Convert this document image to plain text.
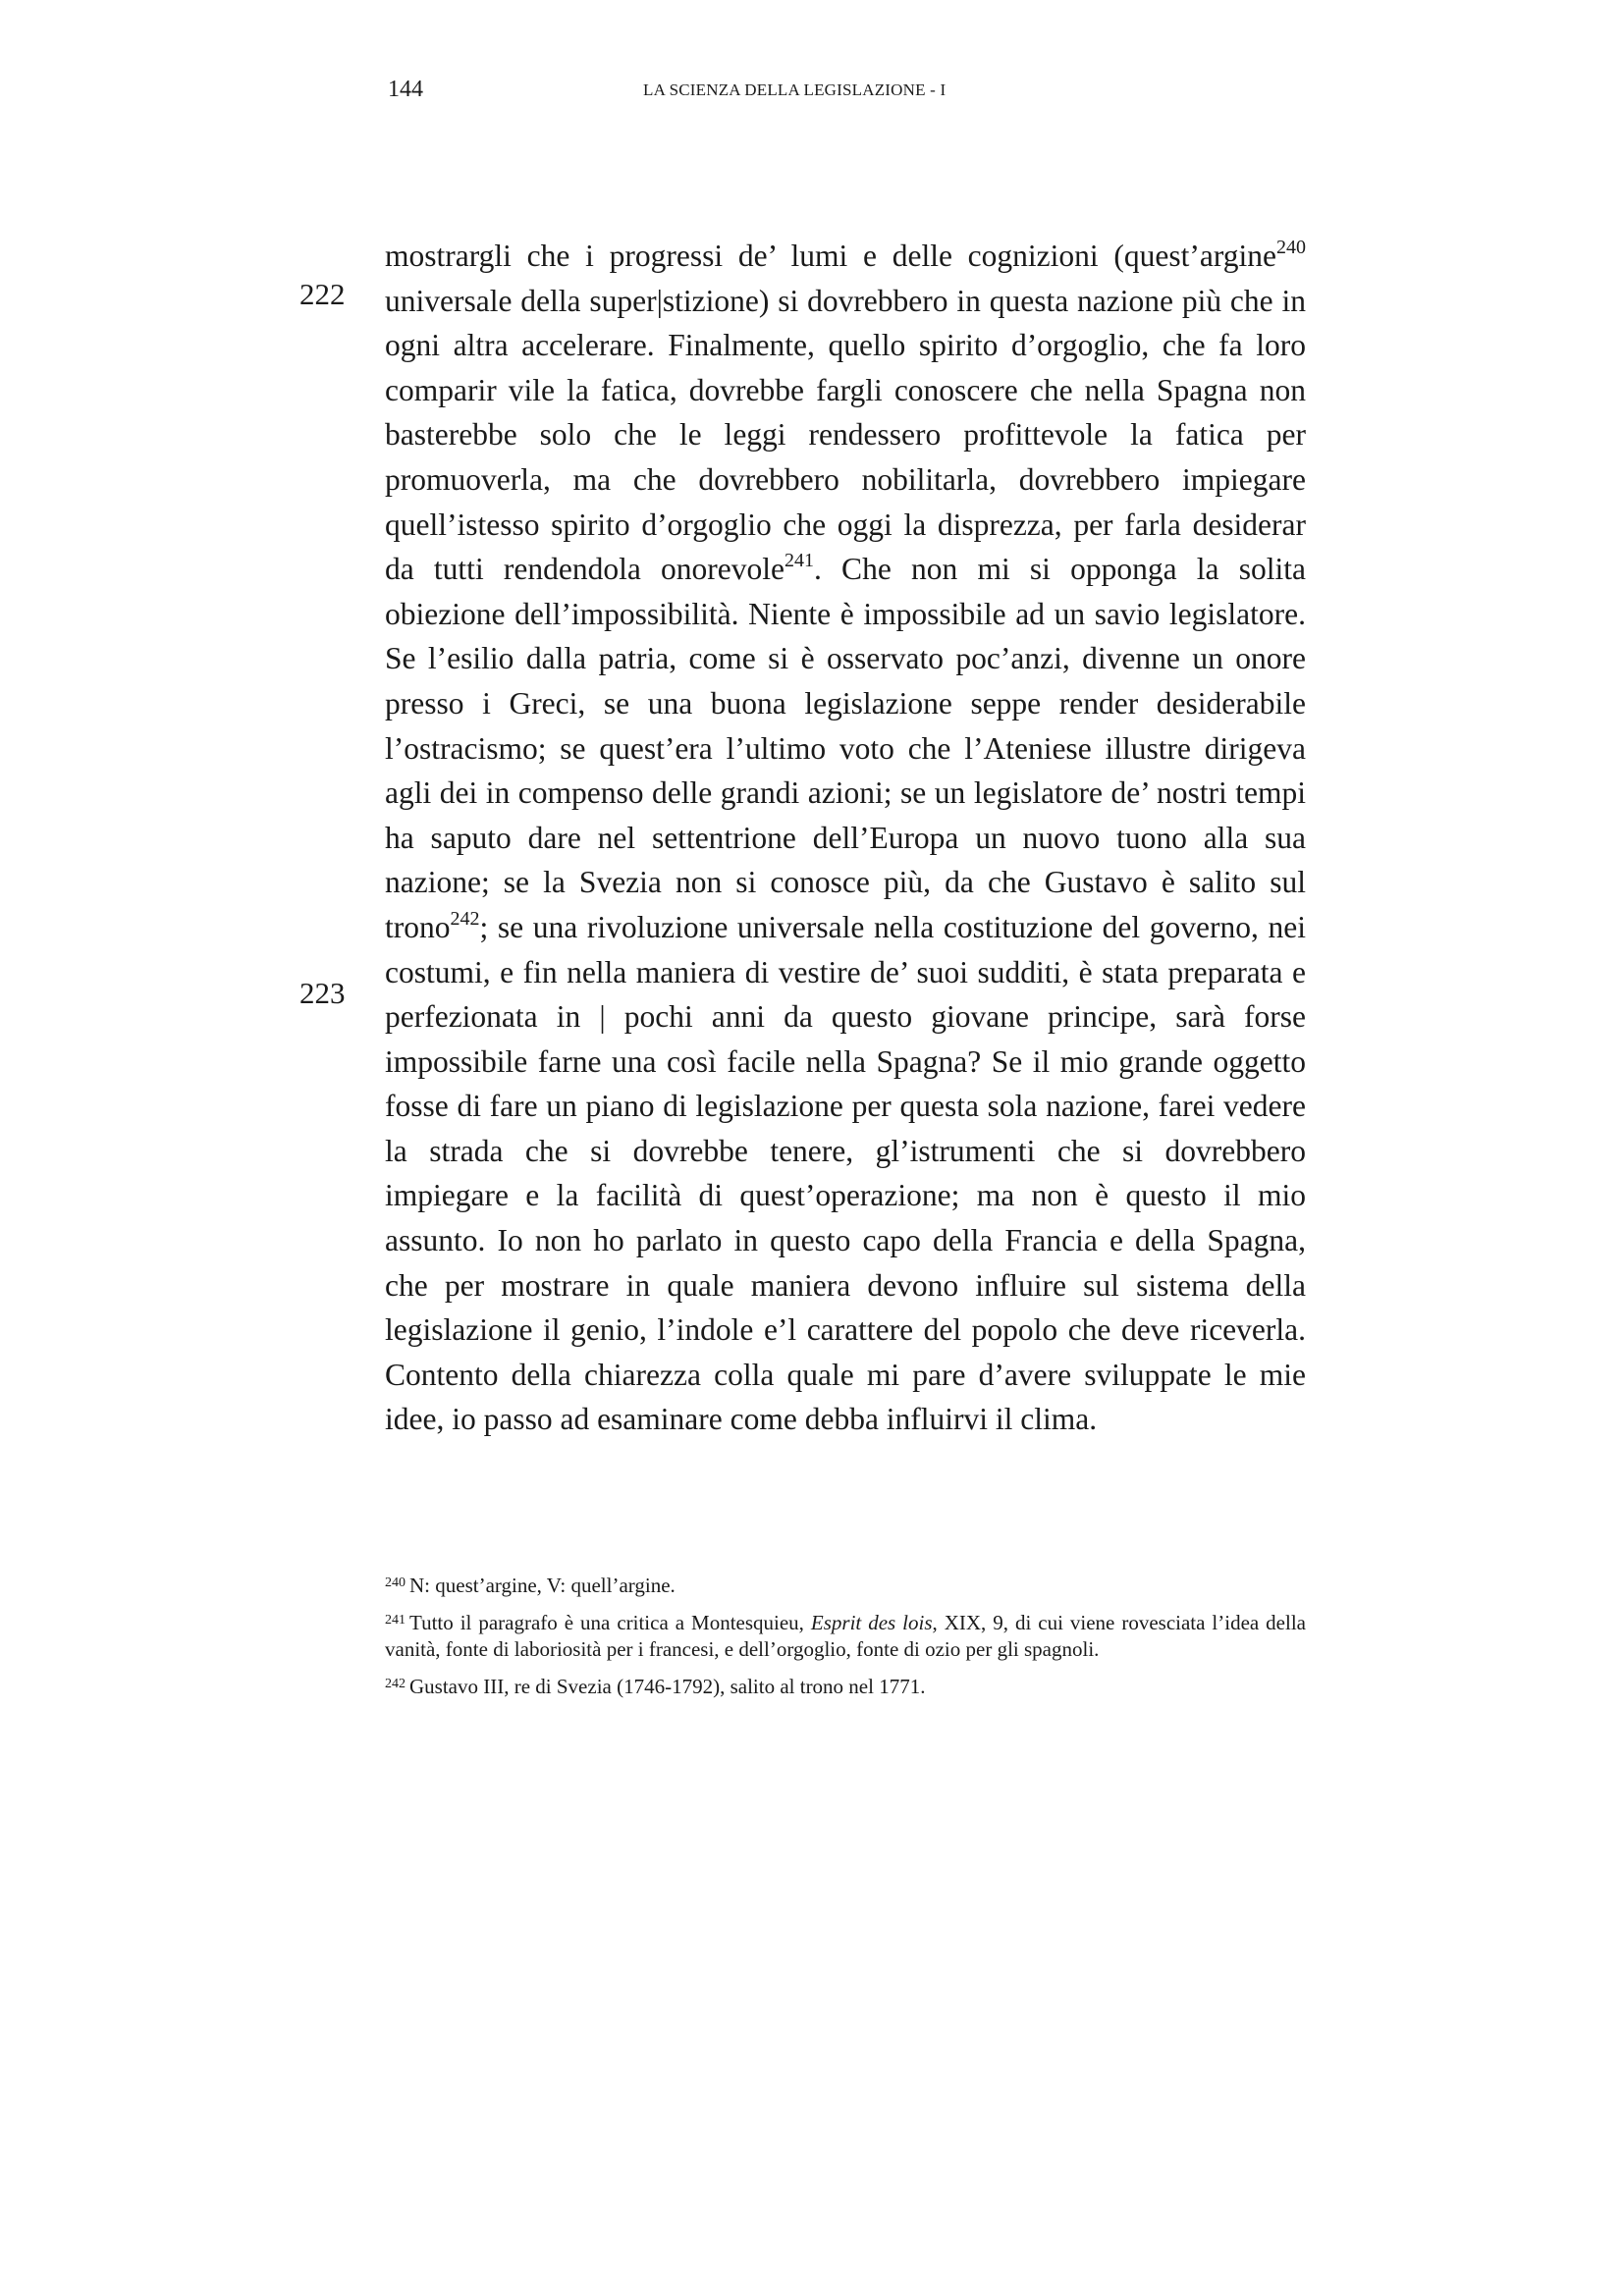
144	LA SCIENZA DELLA LEGISLAZIONE - I
222
223

mostrargli che i progressi de’ lumi e delle cognizioni (quest’argine$^{240}$ universale della super|stizione) si dovrebbero in questa nazione più che in ogni altra accelerare. Finalmente, quello spirito d’orgoglio, che fa loro comparir vile la fatica, dovrebbe fargli conoscere che nella Spagna non basterebbe solo che le leggi rendessero profittevole la fatica per promuoverla, ma che dovrebbero nobilitarla, dovrebbero impiegare quell’istesso spirito d’orgoglio che oggi la disprezza, per farla desiderar da tutti rendendola onorevole$^{241}$. Che non mi si opponga la solita obiezione dell’impossibilità. Niente è impossibile ad un savio legislatore. Se l’esilio dalla patria, come si è osservato poc’anzi, divenne un onore presso i Greci, se una buona legislazione seppe render desiderabile l’ostracismo; se quest’era l’ultimo voto che l’Ateniese illustre dirigeva agli dei in compenso delle grandi azioni; se un legislatore de’ nostri tempi ha saputo dare nel settentrione dell’Europa un nuovo tuono alla sua nazione; se la Svezia non si conosce più, da che Gustavo è salito sul trono$^{242}$; se una rivoluzione universale nella costituzione del governo, nei costumi, e fin nella maniera di vestire de’ suoi sudditi, è stata preparata e perfezionata in | pochi anni da questo giovane principe, sarà forse impossibile farne una così facile nella Spagna? Se il mio grande oggetto fosse di fare un piano di legislazione per questa sola nazione, farei vedere la strada che si dovrebbe tenere, gl’istrumenti che si dovrebbero impiegare e la facilità di quest’operazione; ma non è questo il mio assunto. Io non ho parlato in questo capo della Francia e della Spagna, che per mostrare in quale maniera devono influire sul sistema della legislazione il genio, l’indole e’l carattere del popolo che deve riceverla. Contento della chiarezza colla quale mi pare d’avere sviluppate le mie idee, io passo ad esaminare come debba influirvi il clima.

$^{240}$ N: quest’argine, V: quell’argine.

$^{241}$ Tutto il paragrafo è una critica a Montesquieu, Esprit des lois, XIX, 9, di cui viene rovesciata l’idea della vanità, fonte di laboriosità per i francesi, e dell’orgoglio, fonte di ozio per gli spagnoli.

$^{242}$ Gustavo III, re di Svezia (1746-1792), salito al trono nel 1771.
